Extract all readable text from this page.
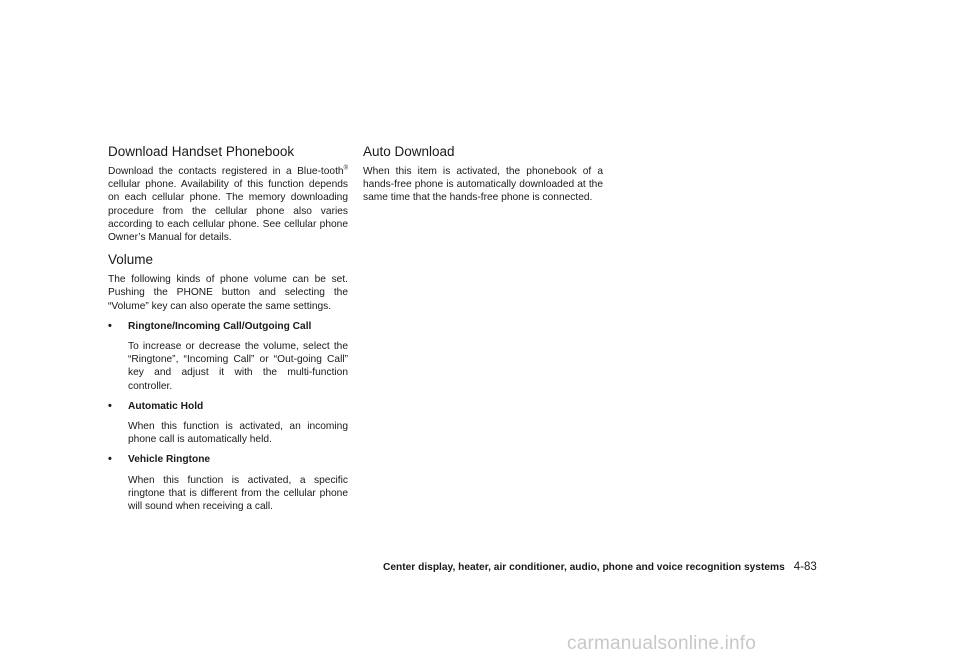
Download Handset Phonebook

Download the contacts registered in a Blue-tooth® cellular phone. Availability of this function depends on each cellular phone. The memory downloading procedure from the cellular phone also varies according to each cellular phone. See cellular phone Owner’s Manual for details.

Volume

The following kinds of phone volume can be set. Pushing the PHONE button and selecting the “Volume” key can also operate the same settings.

• Ringtone/Incoming Call/Outgoing Call

To increase or decrease the volume, select the “Ringtone”, “Incoming Call” or “Out-going Call” key and adjust it with the multi-function controller.

• Automatic Hold

When this function is activated, an incoming phone call is automatically held.

• Vehicle Ringtone

When this function is activated, a specific ringtone that is different from the cellular phone will sound when receiving a call.

Auto Download

When this item is activated, the phonebook of a hands-free phone is automatically downloaded at the same time that the hands-free phone is connected.

Center display, heater, air conditioner, audio, phone and voice recognition systems 4-83
carmanualsonline.info
